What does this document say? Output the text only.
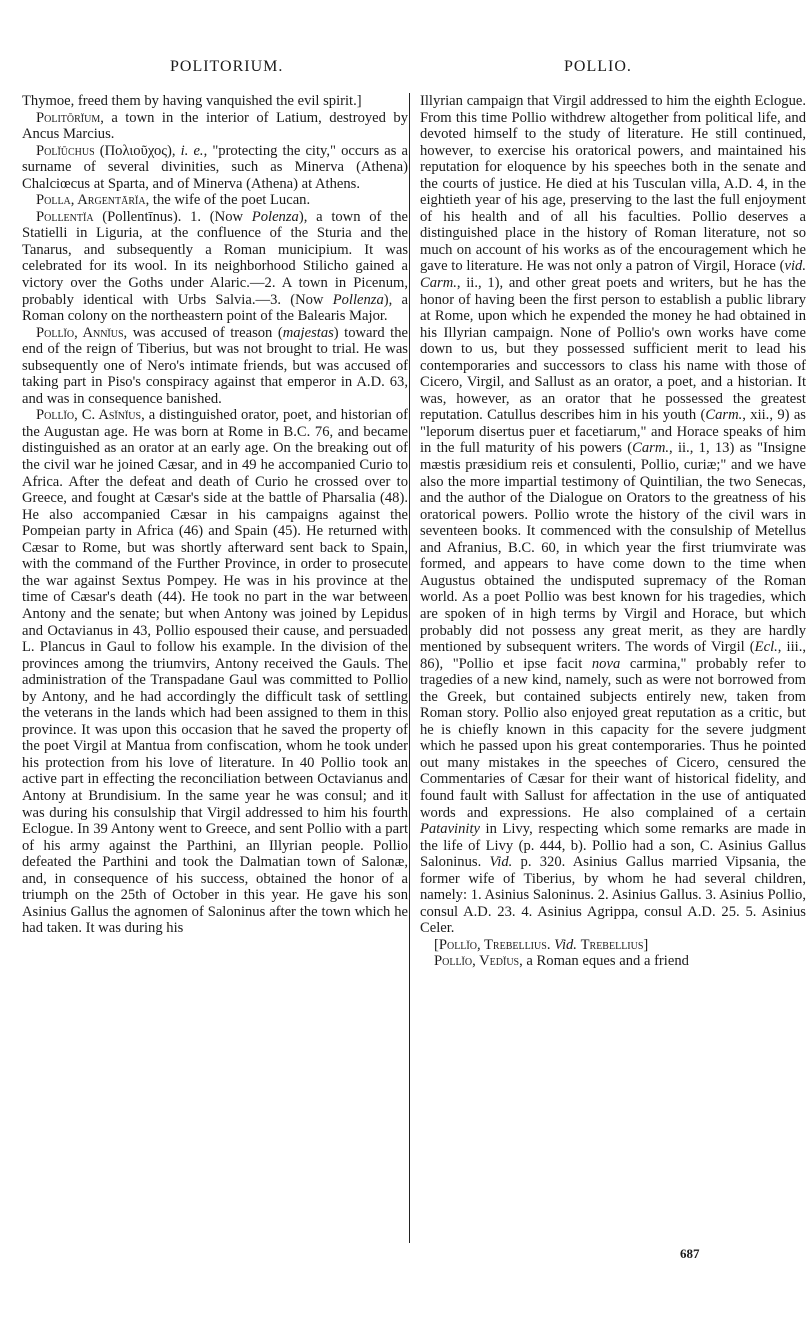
POLITORIUM.	POLLIO.

Thymoe, freed them by having vanquished the evil spirit.]

Politōrĭum, a town in the interior of Latium, destroyed by Ancus Marcius.

Polĭūchus (Πολιοῦχος), i. e., "protecting the city," occurs as a surname of several divinities, such as Minerva (Athena) Chalciœcus at Sparta, and of Minerva (Athena) at Athens.

Polla, Argentārĭa, the wife of the poet Lucan.

Pollentĭa (Pollentīnus). 1. (Now Polenza), a town of the Statielli in Liguria, at the confluence of the Sturia and the Tanarus, and subsequently a Roman municipium. It was celebrated for its wool. In its neighborhood Stilicho gained a victory over the Goths under Alaric.—2. A town in Picenum, probably identical with Urbs Salvia.—3. (Now Pollenza), a Roman colony on the northeastern point of the Balearis Major.

Pollĭo, Annĭus, was accused of treason (majestas) toward the end of the reign of Tiberius, but was not brought to trial. He was subsequently one of Nero's intimate friends, but was accused of taking part in Piso's conspiracy against that emperor in A.D. 63, and was in consequence banished.

Pollĭo, C. Asĭnĭus, a distinguished orator, poet, and historian of the Augustan age. He was born at Rome in B.C. 76, and became distinguished as an orator at an early age. On the breaking out of the civil war he joined Cæsar, and in 49 he accompanied Curio to Africa. After the defeat and death of Curio he crossed over to Greece, and fought at Cæsar's side at the battle of Pharsalia (48). He also accompanied Cæsar in his campaigns against the Pompeian party in Africa (46) and Spain (45). He returned with Cæsar to Rome, but was shortly afterward sent back to Spain, with the command of the Further Province, in order to prosecute the war against Sextus Pompey. He was in his province at the time of Cæsar's death (44). He took no part in the war between Antony and the senate; but when Antony was joined by Lepidus and Octavianus in 43, Pollio espoused their cause, and persuaded L. Plancus in Gaul to follow his example. In the division of the provinces among the triumvirs, Antony received the Gauls. The administration of the Transpadane Gaul was committed to Pollio by Antony, and he had accordingly the difficult task of settling the veterans in the lands which had been assigned to them in this province. It was upon this occasion that he saved the property of the poet Virgil at Mantua from confiscation, whom he took under his protection from his love of literature. In 40 Pollio took an active part in effecting the reconciliation between Octavianus and Antony at Brundisium. In the same year he was consul; and it was during his consulship that Virgil addressed to him his fourth Eclogue. In 39 Antony went to Greece, and sent Pollio with a part of his army against the Parthini, an Illyrian people. Pollio defeated the Parthini and took the Dalmatian town of Salonæ, and, in consequence of his success, obtained the honor of a triumph on the 25th of October in this year. He gave his son Asinius Gallus the agnomen of Saloninus after the town which he had taken. It was during his

Illyrian campaign that Virgil addressed to him the eighth Eclogue. From this time Pollio withdrew altogether from political life, and devoted himself to the study of literature. He still continued, however, to exercise his oratorical powers, and maintained his reputation for eloquence by his speeches both in the senate and the courts of justice. He died at his Tusculan villa, A.D. 4, in the eightieth year of his age, preserving to the last the full enjoyment of his health and of all his faculties. Pollio deserves a distinguished place in the history of Roman literature, not so much on account of his works as of the encouragement which he gave to literature. He was not only a patron of Virgil, Horace (vid. Carm., ii., 1), and other great poets and writers, but he has the honor of having been the first person to establish a public library at Rome, upon which he expended the money he had obtained in his Illyrian campaign. None of Pollio's own works have come down to us, but they possessed sufficient merit to lead his contemporaries and successors to class his name with those of Cicero, Virgil, and Sallust as an orator, a poet, and a historian. It was, however, as an orator that he possessed the greatest reputation. Catullus describes him in his youth (Carm., xii., 9) as "leporum disertus puer et facetiarum," and Horace speaks of him in the full maturity of his powers (Carm., ii., 1, 13) as "Insigne mæstis præsidium reis et consulenti, Pollio, curiæ;" and we have also the more impartial testimony of Quintilian, the two Senecas, and the author of the Dialogue on Orators to the greatness of his oratorical powers. Pollio wrote the history of the civil wars in seventeen books. It commenced with the consulship of Metellus and Afranius, B.C. 60, in which year the first triumvirate was formed, and appears to have come down to the time when Augustus obtained the undisputed supremacy of the Roman world. As a poet Pollio was best known for his tragedies, which are spoken of in high terms by Virgil and Horace, but which probably did not possess any great merit, as they are hardly mentioned by subsequent writers. The words of Virgil (Ecl., iii., 86), "Pollio et ipse facit nova carmina," probably refer to tragedies of a new kind, namely, such as were not borrowed from the Greek, but contained subjects entirely new, taken from Roman story. Pollio also enjoyed great reputation as a critic, but he is chiefly known in this capacity for the severe judgment which he passed upon his great contemporaries. Thus he pointed out many mistakes in the speeches of Cicero, censured the Commentaries of Cæsar for their want of historical fidelity, and found fault with Sallust for affectation in the use of antiquated words and expressions. He also complained of a certain Patavinity in Livy, respecting which some remarks are made in the life of Livy (p. 444, b). Pollio had a son, C. Asinius Gallus Saloninus. Vid. p. 320. Asinius Gallus married Vipsania, the former wife of Tiberius, by whom he had several children, namely: 1. Asinius Saloninus. 2. Asinius Gallus. 3. Asinius Pollio, consul A.D. 23. 4. Asinius Agrippa, consul A.D. 25. 5. Asinius Celer.

[Pollĭo, Trebellius. Vid. Trebellius]

Pollĭo, Vedĭus, a Roman eques and a friend

687
